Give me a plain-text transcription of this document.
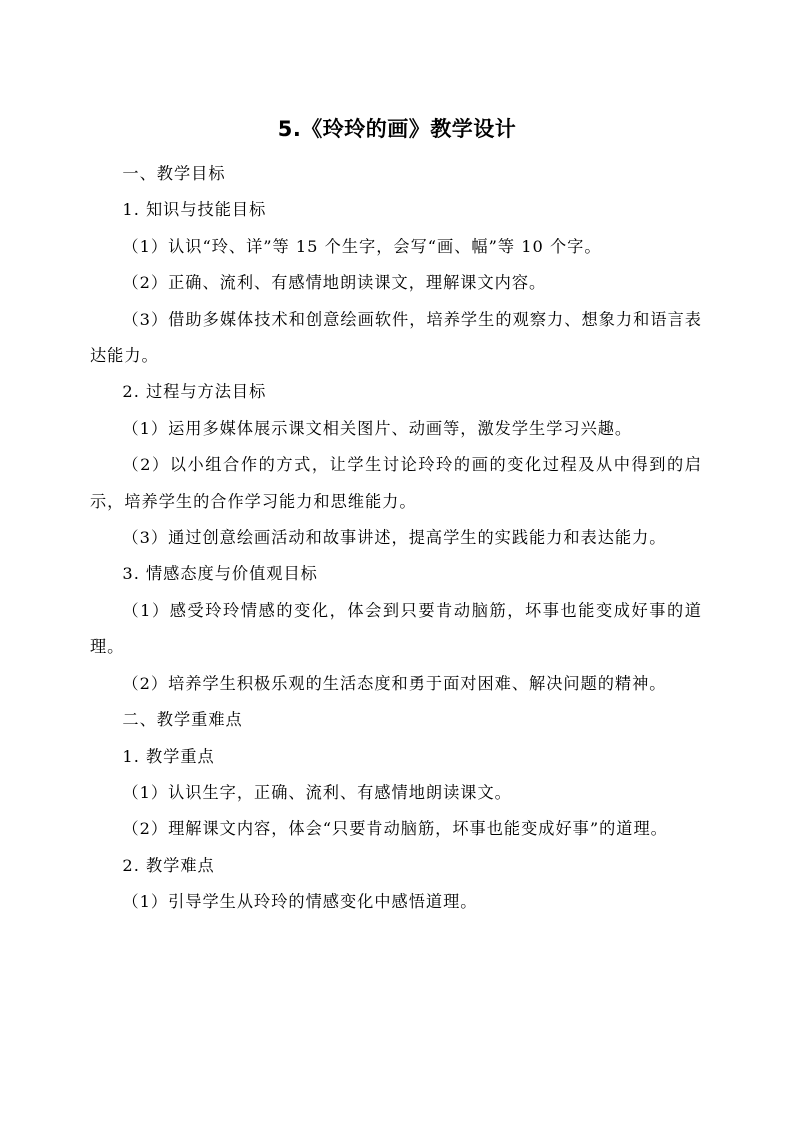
5.《玲玲的画》教学设计

一、教学目标

1. 知识与技能目标

（1）认识“玲、详”等 15 个生字，会写“画、幅”等 10 个字。

（2）正确、流利、有感情地朗读课文，理解课文内容。

（3）借助多媒体技术和创意绘画软件，培养学生的观察力、想象力和语言表达能力。

2. 过程与方法目标

（1）运用多媒体展示课文相关图片、动画等，激发学生学习兴趣。

（2）以小组合作的方式，让学生讨论玲玲的画的变化过程及从中得到的启示，培养学生的合作学习能力和思维能力。

（3）通过创意绘画活动和故事讲述，提高学生的实践能力和表达能力。

3. 情感态度与价值观目标

（1）感受玲玲情感的变化，体会到只要肯动脑筋，坏事也能变成好事的道理。

（2）培养学生积极乐观的生活态度和勇于面对困难、解决问题的精神。

二、教学重难点

1. 教学重点

（1）认识生字，正确、流利、有感情地朗读课文。

（2）理解课文内容，体会“只要肯动脑筋，坏事也能变成好事”的道理。

2. 教学难点

（1）引导学生从玲玲的情感变化中感悟道理。
